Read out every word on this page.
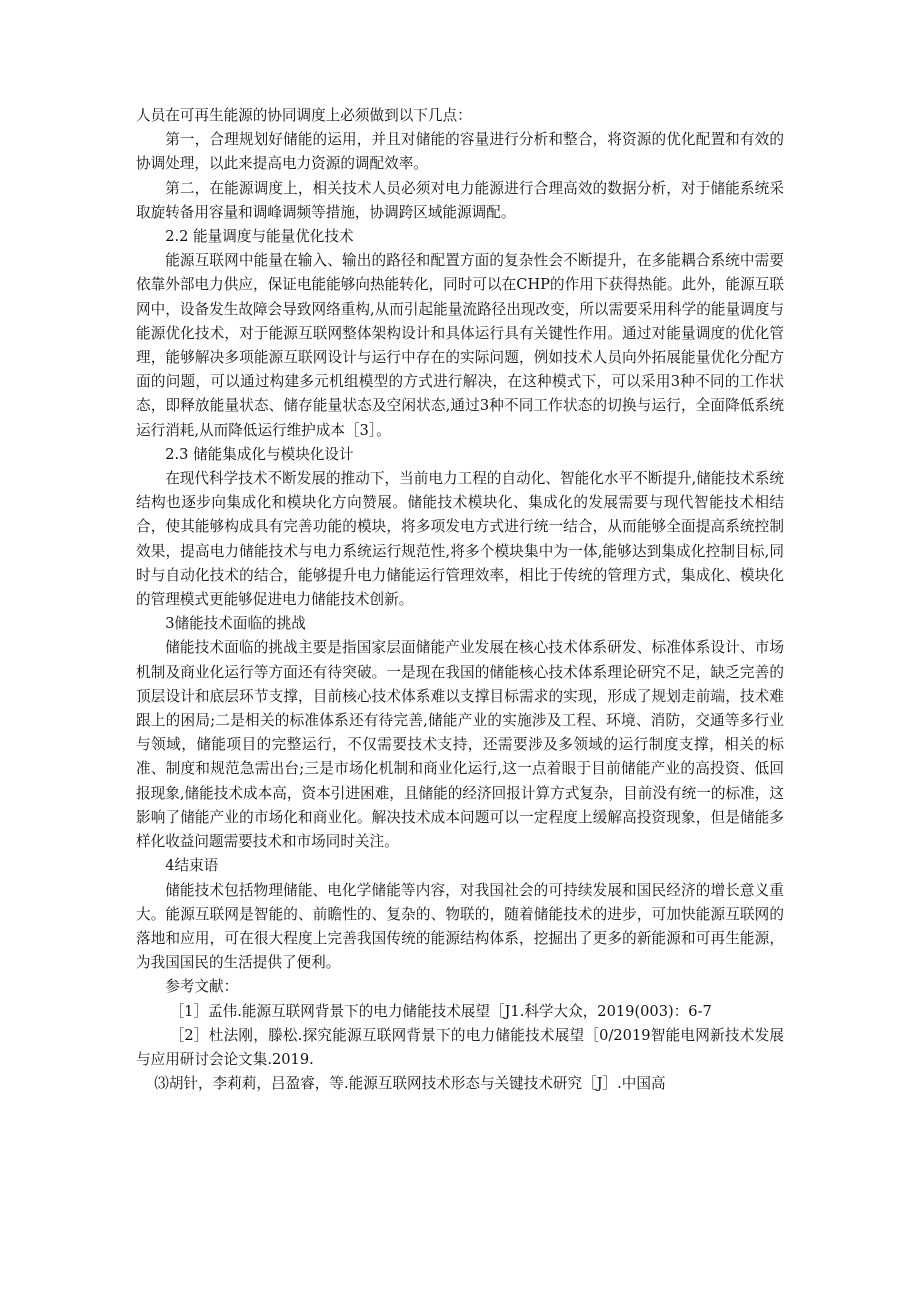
人员在可再生能源的协同调度上必须做到以下几点：

第一，合理规划好储能的运用，并且对储能的容量进行分析和整合，将资源的优化配置和有效的协调处理，以此来提高电力资源的调配效率。

第二，在能源调度上，相关技术人员必须对电力能源进行合理高效的数据分析，对于储能系统采取旋转备用容量和调峰调频等措施，协调跨区域能源调配。

2.2 能量调度与能量优化技术

能源互联网中能量在输入、输出的路径和配置方面的复杂性会不断提升，在多能耦合系统中需要依靠外部电力供应，保证电能能够向热能转化，同时可以在CHP的作用下获得热能。此外，能源互联网中，设备发生故障会导致网络重构,从而引起能量流路径出现改变，所以需要采用科学的能量调度与能源优化技术，对于能源互联网整体架构设计和具体运行具有关键性作用。通过对能量调度的优化管理，能够解决多项能源互联网设计与运行中存在的实际问题，例如技术人员向外拓展能量优化分配方面的问题，可以通过构建多元机组模型的方式进行解决，在这种模式下，可以采用3种不同的工作状态，即释放能量状态、储存能量状态及空闲状态,通过3种不同工作状态的切换与运行，全面降低系统运行消耗,从而降低运行维护成本［3］。

2.3 储能集成化与模块化设计

在现代科学技术不断发展的推动下，当前电力工程的自动化、智能化水平不断提升,储能技术系统结构也逐步向集成化和模块化方向赞展。储能技术模块化、集成化的发展需要与现代智能技术相结合，使其能够构成具有完善功能的模块，将多项发电方式进行统一结合，从而能够全面提高系统控制效果，提高电力储能技术与电力系统运行规范性,将多个模块集中为一体,能够达到集成化控制目标,同时与自动化技术的结合，能够提升电力储能运行管理效率，相比于传统的管理方式，集成化、模块化的管理模式更能够促进电力储能技术创新。

3储能技术面临的挑战

储能技术面临的挑战主要是指国家层面储能产业发展在核心技术体系研发、标准体系设计、市场机制及商业化运行等方面还有待突破。一是现在我国的储能核心技术体系理论研究不足，缺乏完善的顶层设计和底层环节支撑，目前核心技术体系难以支撑目标需求的实现，形成了规划走前端，技术难跟上的困局;二是相关的标准体系还有待完善,储能产业的实施涉及工程、环境、消防，交通等多行业与领域，储能项目的完整运行，不仅需要技术支持，还需要涉及多领域的运行制度支撑，相关的标准、制度和规范急需出台;三是市场化机制和商业化运行,这一点着眼于目前储能产业的高投资、低回报现象,储能技术成本高，资本引进困难，且储能的经济回报计算方式复杂，目前没有统一的标准，这影响了储能产业的市场化和商业化。解决技术成本问题可以一定程度上缓解高投资现象，但是储能多样化收益问题需要技术和市场同时关注。

4结束语

储能技术包括物理储能、电化学储能等内容，对我国社会的可持续发展和国民经济的增长意义重大。能源互联网是智能的、前瞻性的、复杂的、物联的，随着储能技术的进步，可加快能源互联网的落地和应用，可在很大程度上完善我国传统的能源结构体系，挖掘出了更多的新能源和可再生能源，为我国国民的生活提供了便利。

参考文献：

［1］孟伟.能源互联网背景下的电力储能技术展望［J1.科学大众，2019(003)：6-7

［2］杜法刚，滕松.探究能源互联网背景下的电力储能技术展望［0/2019智能电网新技术发展与应用研讨会论文集.2019.

⑶胡针，李莉莉，吕盈睿，等.能源互联网技术形态与关键技术研究［J］.中国高
